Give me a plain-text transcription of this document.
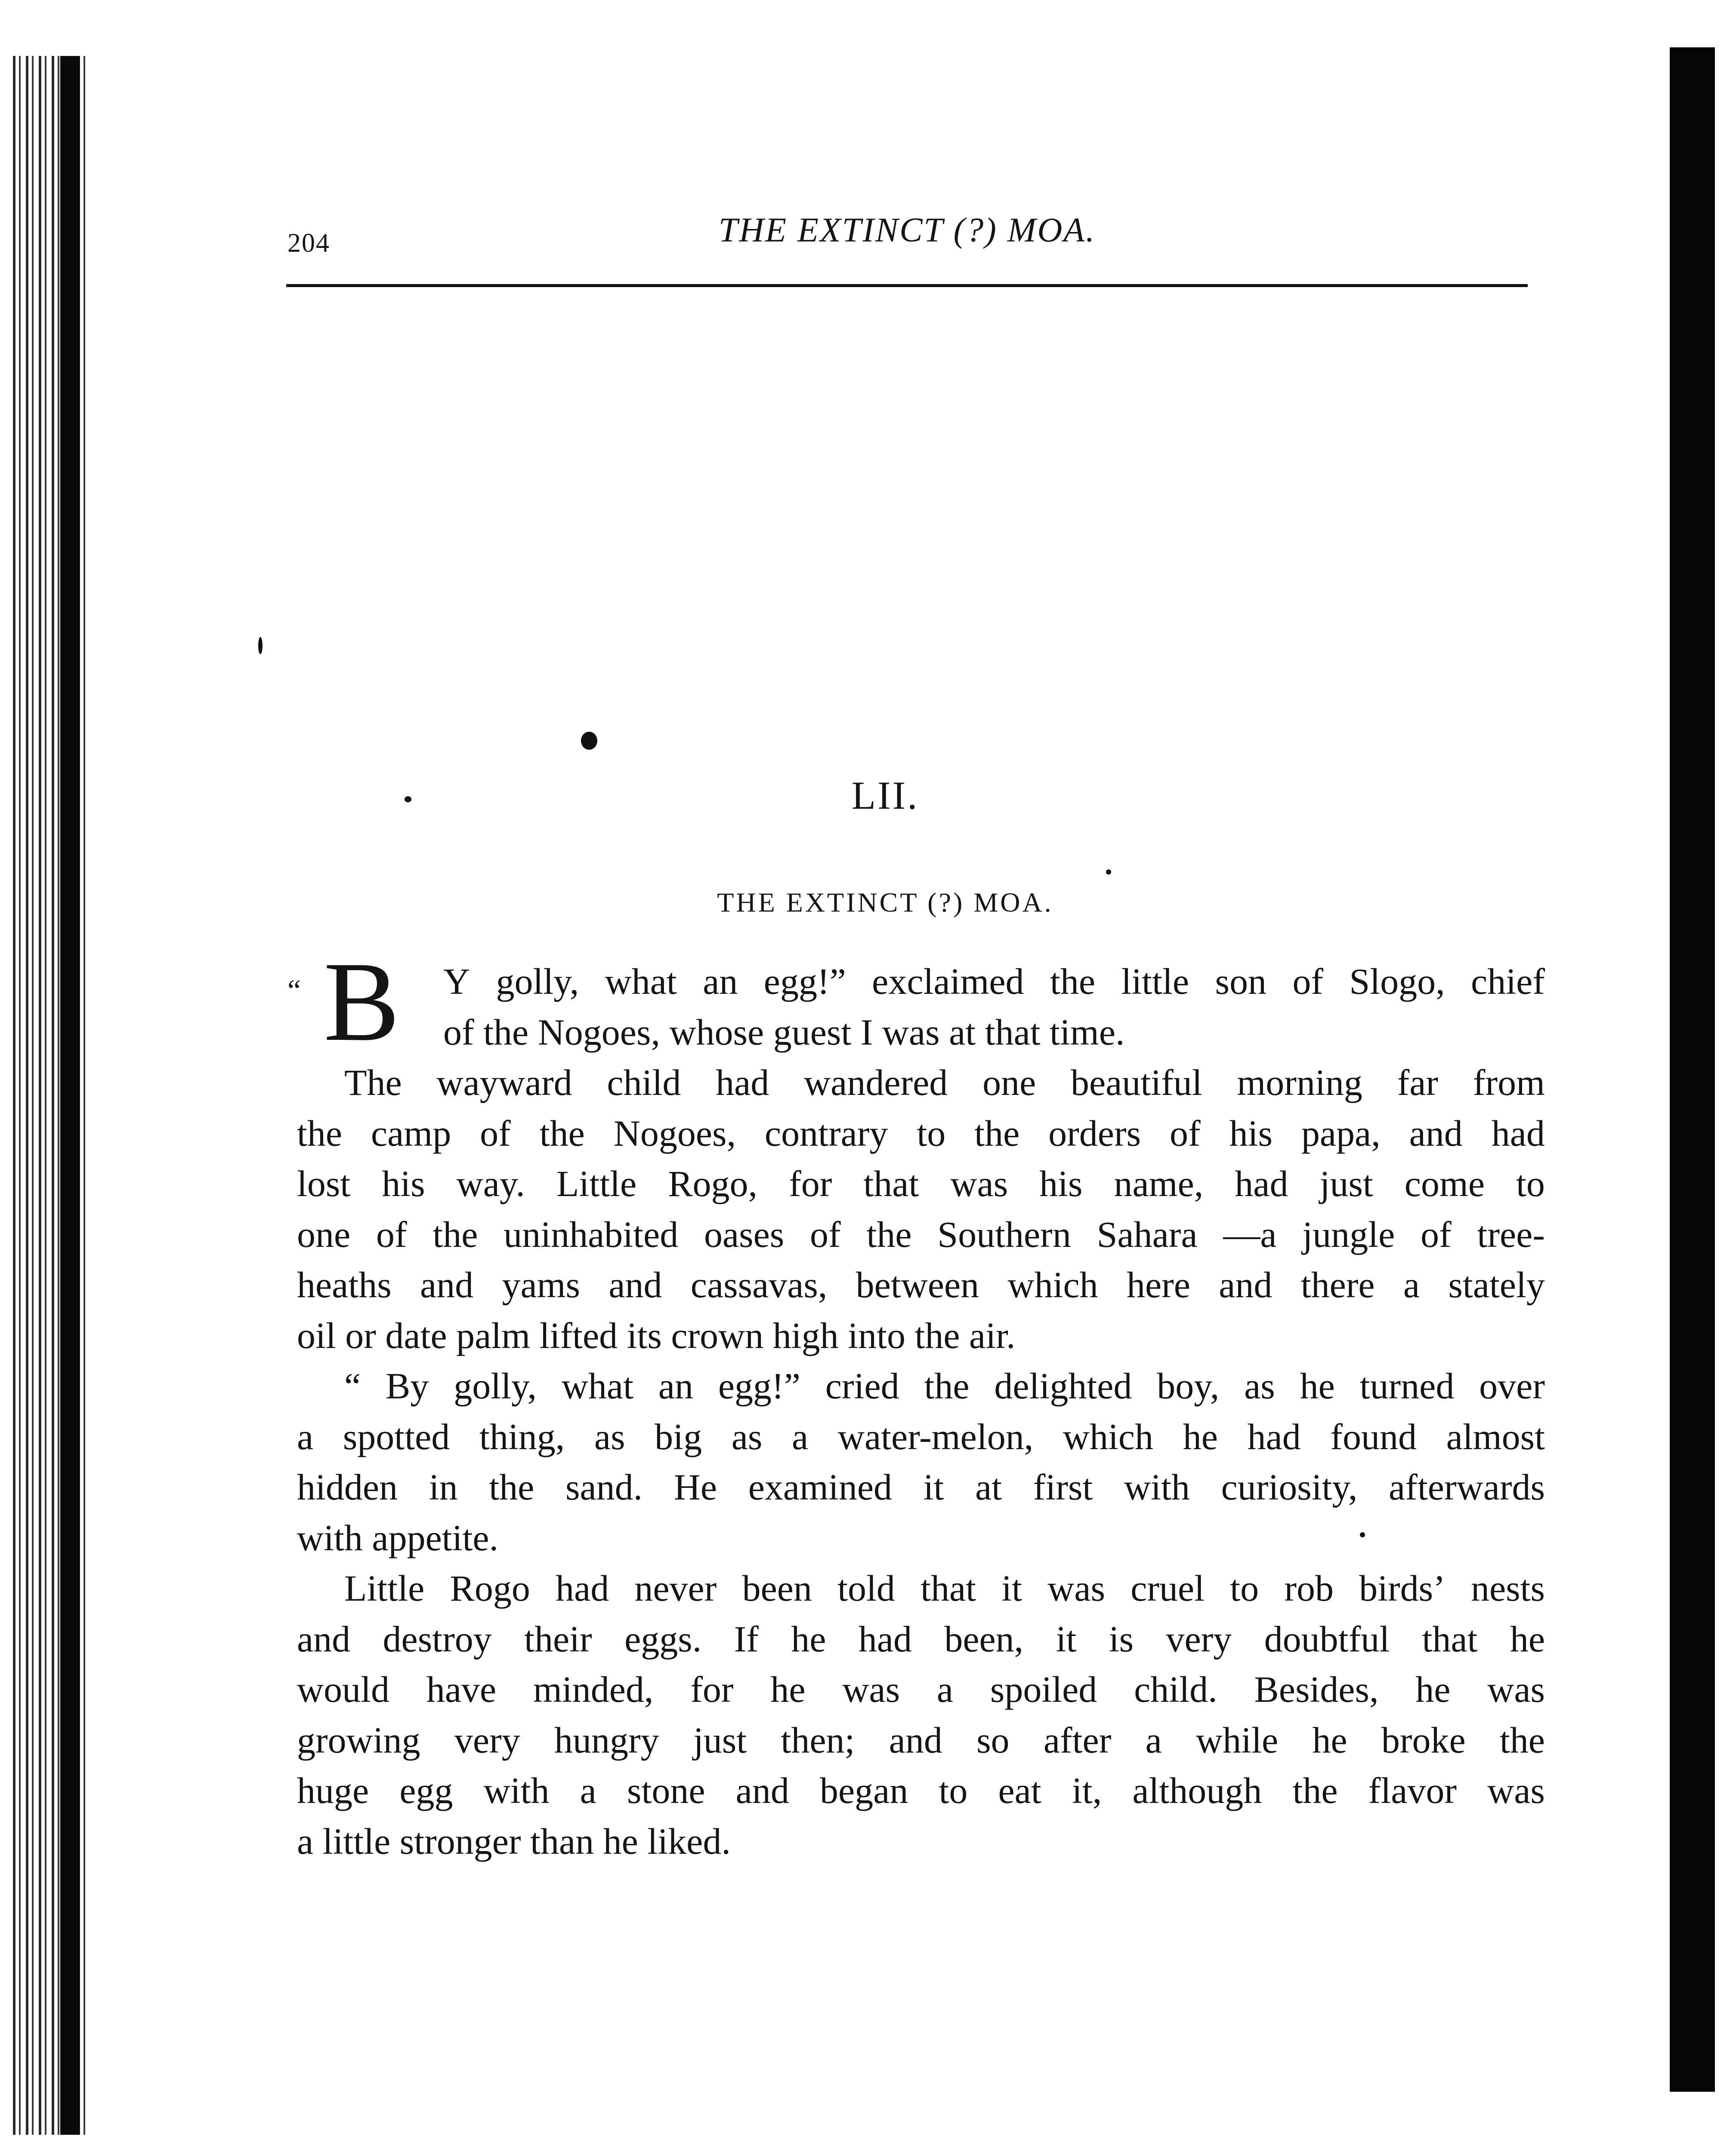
204	THE EXTINCT (?) MOA.
LII.
THE EXTINCT (?) MOA.
“ B Y golly, what an egg!” exclaimed the little son of Slogo, chief
of the Nogoes, whose guest I was at that time.
The wayward child had wandered one beautiful morning far from
the camp of the Nogoes, contrary to the orders of his papa, and had
lost his way. Little Rogo, for that was his name, had just come to
one of the uninhabited oases of the Southern Sahara —a jungle of tree-
heaths and yams and cassavas, between which here and there a stately
oil or date palm lifted its crown high into the air.
“ By golly, what an egg!” cried the delighted boy, as he turned over
a spotted thing, as big as a water-melon, which he had found almost
hidden in the sand. He examined it at first with curiosity, afterwards
with appetite.
Little Rogo had never been told that it was cruel to rob birds’ nests
and destroy their eggs. If he had been, it is very doubtful that he
would have minded, for he was a spoiled child. Besides, he was
growing very hungry just then; and so after a while he broke the
huge egg with a stone and began to eat it, although the flavor was
a little stronger than he liked.
